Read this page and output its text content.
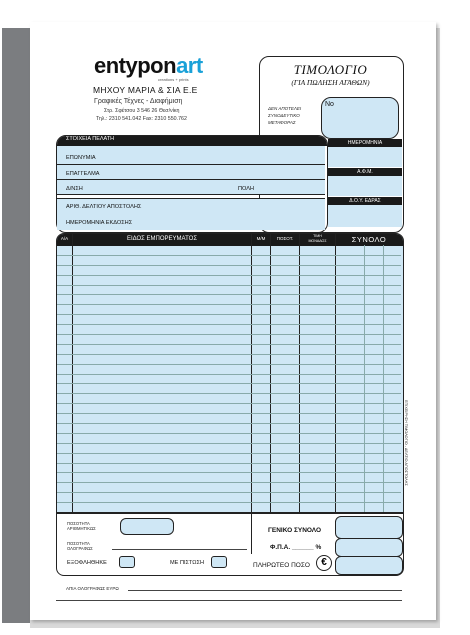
entyponart
creations + prints
ΜΗΧΟΥ ΜΑΡΙΑ & ΣΙΑ Ε.Ε
Γραφικές Τέχνες - Διαφήμιση
Στρ. Σφέτσου 3 546 26 Θεσ/νίκη
Τηλ.: 2310 541.042 Fax: 2310 550.762
ΤΙΜΟΛΟΓΙΟ
(ΓΙΑ ΠΩΛΗΣΗ ΑΓΑΘΩΝ)
No
ΔΕΝ ΑΠΟΤΕΛΕΙ
ΣΥΝΟΔΕΥΤΙΚΟ
ΜΕΤΑΦΟΡΑΣ
ΗΜΕΡΟΜΗΝΙΑ
Α.Φ.Μ.
Δ.Ο.Υ. ΕΔΡΑΣ
ΣΤΟΙΧΕΙΑ ΠΕΛΑΤΗ
ΕΠΩΝΥΜΙΑ
ΕΠΑΓΓΕΛΜΑ
Δ/ΝΣΗ	ΠΟΛΗ
ΑΡΙΘ. ΔΕΛΤΙΟΥ ΑΠΟΣΤΟΛΗΣ
ΗΜΕΡΟΜΗΝΙΑ ΕΚΔΟΣΗΣ
Α/Α	ΕΙΔΟΣ ΕΜΠΟΡΕΥΜΑΤΟΣ	Μ/Μ	ΠΟΣΟΤ.	ΤΙΜΗ
ΜΟΝΑΔΟΣ	ΣΥΝΟΛΟ
ΠΟΣΟΤΗΤΑ
ΑΡΙΘΜΗΤΙΚΩΣ
ΠΟΣΟΤΗΤΑ
ΟΛΟΓΡΑΦΩΣ
ΓΕΝΙΚΟ ΣΥΝΟΛΟ
Φ.Π.Α. ______ %
ΕΞΟΦΛΗΘΗΚΕ	ΜΕ ΠΙΣΤΩΣΗ	ΠΛΗΡΩΤΕΟ ΠΟΣΟ	€
ΑΠΙΑ ΟΛΟΓΡΑΦΩΣ ΕΥΡΩ
ΕΠΙΧΕΙΡΗΣΗ ΤΙΜΟΛΟΓΙΟ - ΔΕΛΤΙΟ ΑΠΟΣΤΟΛΗΣ
